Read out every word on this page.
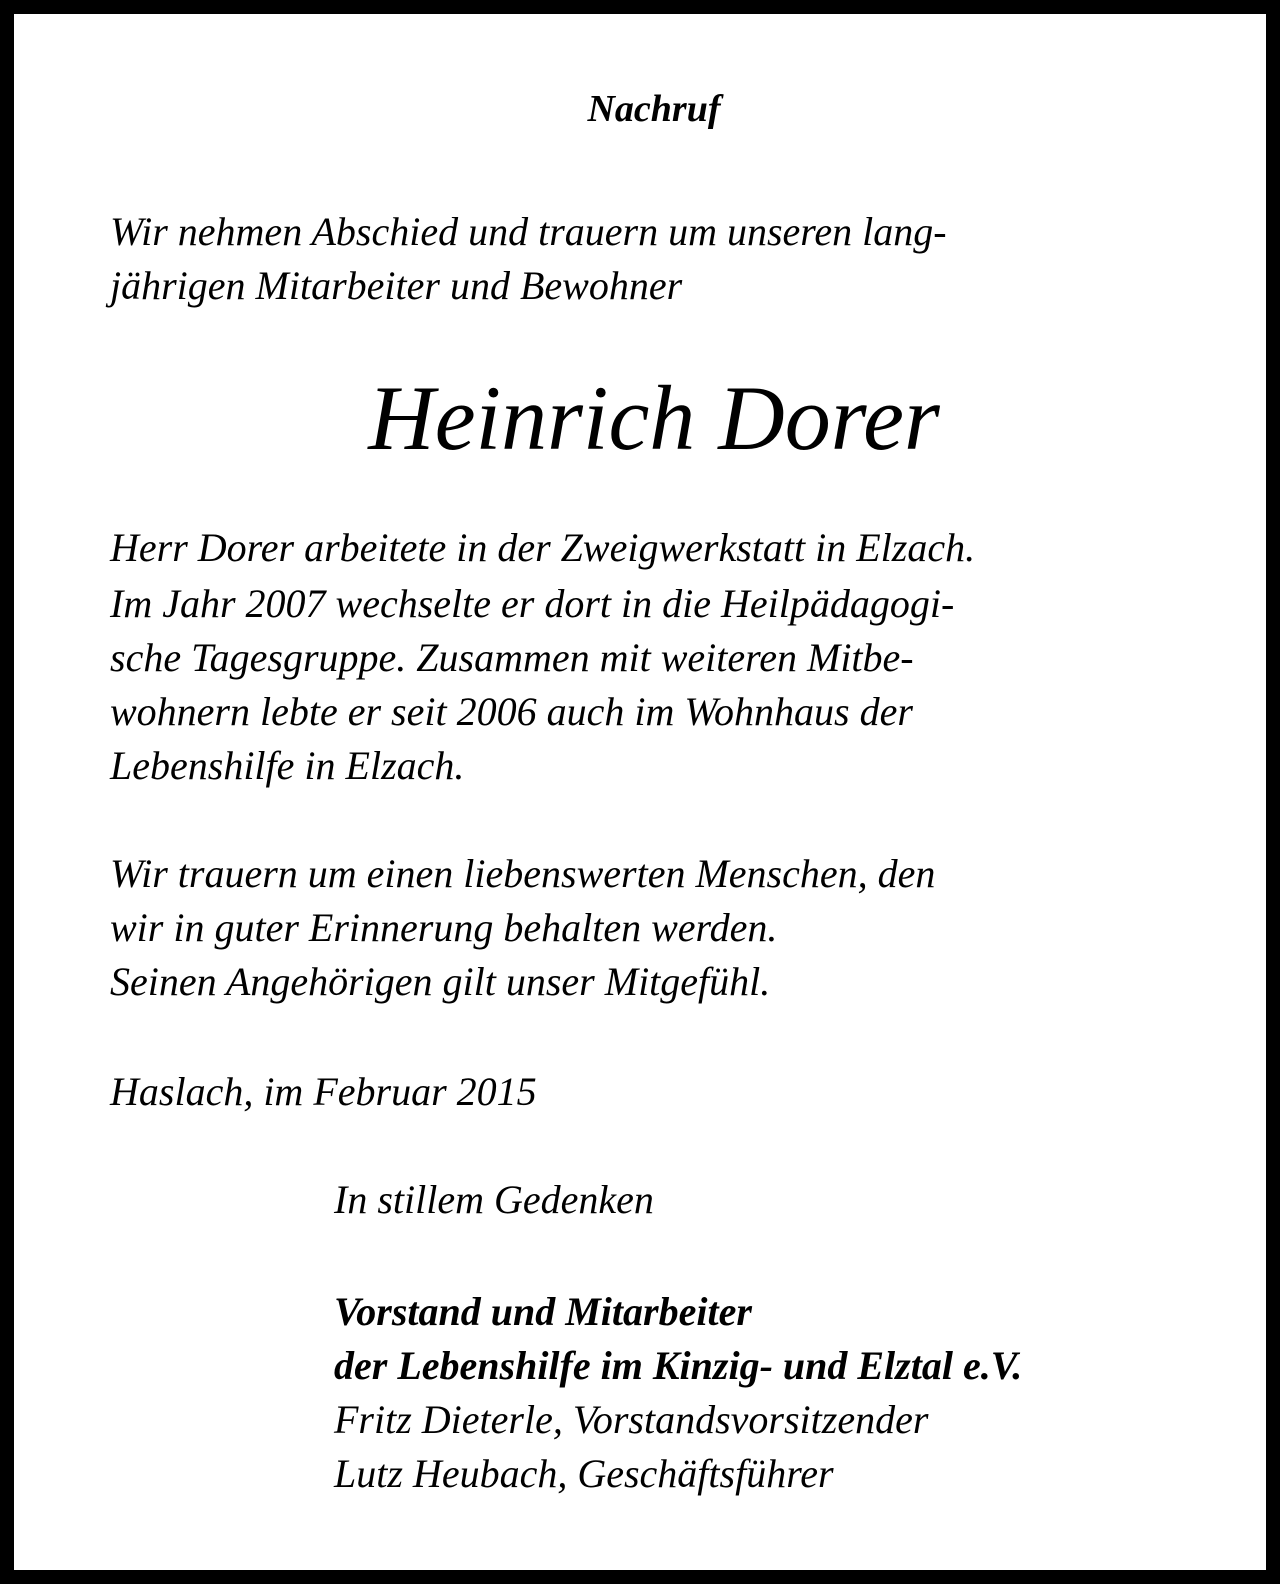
Nachruf
Wir nehmen Abschied und trauern um unseren lang-
jährigen Mitarbeiter und Bewohner
Heinrich Dorer
Herr Dorer arbeitete in der Zweigwerkstatt in Elzach.
Im Jahr 2007 wechselte er dort in die Heilpädagogi-
sche Tagesgruppe. Zusammen mit weiteren Mitbe-
wohnern lebte er seit 2006 auch im Wohnhaus der
Lebenshilfe in Elzach.
Wir trauern um einen liebenswerten Menschen, den
wir in guter Erinnerung behalten werden.
Seinen Angehörigen gilt unser Mitgefühl.
Haslach, im Februar 2015
In stillem Gedenken
Vorstand und Mitarbeiter
der Lebenshilfe im Kinzig- und Elztal e.V.
Fritz Dieterle, Vorstandsvorsitzender
Lutz Heubach, Geschäftsführer
